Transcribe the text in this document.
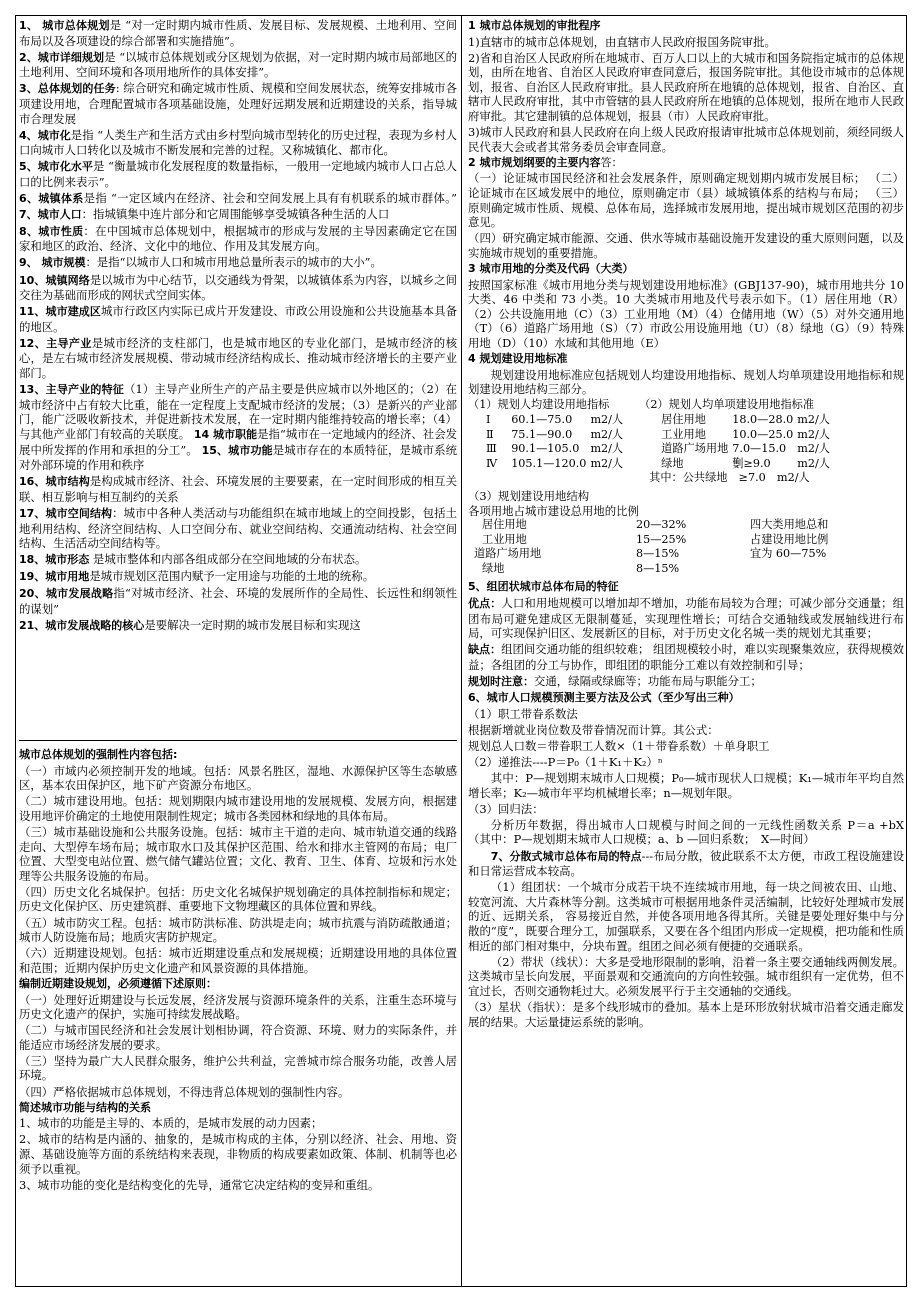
1、 城市总体规划是 “对一定时期内城市性质、发展目标、发展规模、土地利用、空间布局以及各项建设的综合部署和实施措施”。

2、城市详细规划是 “以城市总体规划或分区规划为依据，对一定时期内城市局部地区的土地利用、空间环境和各项用地所作的具体安排”。

3、总体规划的任务: 综合研究和确定城市性质、规模和空间发展状态，统筹安排城市各项建设用地，合理配置城市各项基础设施，处理好远期发展和近期建设的关系，指导城市合理发展

4、城市化是指 “人类生产和生活方式由乡村型向城市型转化的历史过程，表现为乡村人口向城市人口转化以及城市不断发展和完善的过程。又称城镇化、都市化。

5、城市化水平是 “衡量城市化发展程度的数量指标，一般用一定地域内城市人口占总人口的比例来表示”。

6、城镇体系是指 “一定区域内在经济、社会和空间发展上具有有机联系的城市群体。” 7、城市人口：指城镇集中连片部分和它周围能够享受城镇各种生活的人口

8、城市性质：在中国城市总体规划中，根据城市的形成与发展的主导因素确定它在国家和地区的政治、经济、文化中的地位、作用及其发展方向。

9、 城市规模：是指“以城市人口和城市用地总量所表示的城市的大小”。

10、城镇网络是以城市为中心结节，以交通线为骨架，以城镇体系为内容，以城乡之间交往为基础而形成的网状式空间实体。

11、城市建成区城市行政区内实际已成片开发建设、市政公用设施和公共设施基本具备的地区。

12、主导产业是城市经济的支柱部门，也是城市地区的专业化部门，是城市经济的核心，是左右城市经济发展规模、带动城市经济结构成长、推动城市经济增长的主要产业部门。

13、主导产业的特征（1）主导产业所生产的产品主要是供应城市以外地区的；（2）在城市经济中占有较大比重，能在一定程度上支配城市经济的发展；（3）是新兴的产业部门，能广泛吸收新技术，并促进新技术发展，在一定时期内能维持较高的增长率；（4）与其他产业部门有较高的关联度。 14 城市职能是指“城市在一定地域内的经济、社会发展中所发挥的作用和承担的分工”。 15、城市功能是城市存在的本质特征，是城市系统对外部环境的作用和秩序

16、城市结构是构成城市经济、社会、环境发展的主要要素，在一定时间形成的相互关联、相互影响与相互制约的关系

17、城市空间结构：城市中各种人类活动与功能组织在城市地域上的空间投影，包括土地利用结构、经济空间结构、人口空间分布、就业空间结构、交通流动结构、社会空间结构、生活活动空间结构等。

18、城市形态 是城市整体和内部各组成部分在空间地域的分布状态。

19、城市用地是城市规划区范围内赋予一定用途与功能的土地的统称。

20、城市发展战略指“对城市经济、社会、环境的发展所作的全局性、长远性和纲领性的谋划”

21、城市发展战略的核心是要解决一定时期的城市发展目标和实现这

城市总体规划的强制性内容包括:

（一）市域内必须控制开发的地域。包括：风景名胜区，湿地、水源保护区等生态敏感区，基本农田保护区，地下矿产资源分布地区。

（二）城市建设用地。包括：规划期限内城市建设用地的发展规模、发展方向，根据建设用地评价确定的土地使用限制性规定；城市各类园林和绿地的具体布局。

（三）城市基础设施和公共服务设施。包括：城市主干道的走向、城市轨道交通的线路走向、大型停车场布局；城市取水口及其保护区范围、给水和排水主管网的布局；电厂位置、大型变电站位置、燃气储气罐站位置；文化、教育、卫生、体育、垃圾和污水处理等公共服务设施的布局。

（四）历史文化名城保护。包括：历史文化名城保护规划确定的具体控制指标和规定；历史文化保护区、历史建筑群、重要地下文物埋藏区的具体位置和界线。

（五）城市防灾工程。包括：城市防洪标准、防洪堤走向；城市抗震与消防疏散通道；城市人防设施布局；地质灾害防护规定。

（六）近期建设规划。包括：城市近期建设重点和发展规模；近期建设用地的具体位置和范围；近期内保护历史文化遗产和风景资源的具体措施。

编制近期建设规划，必须遵循下述原则：

（一）处理好近期建设与长远发展，经济发展与资源环境条件的关系，注重生态环境与历史文化遗产的保护，实施可持续发展战略。

（二）与城市国民经济和社会发展计划相协调，符合资源、环境、财力的实际条件，并能适应市场经济发展的要求。

（三）坚持为最广大人民群众服务，维护公共利益，完善城市综合服务功能，改善人居环境。

（四）严格依据城市总体规划，不得违背总体规划的强制性内容。

简述城市功能与结构的关系

1、城市的功能是主导的、本质的，是城市发展的动力因素；

2、城市的结构是内涵的、抽象的，是城市构成的主体，分别以经济、社会、用地、资源、基础设施等方面的系统结构来表现，非物质的构成要素如政策、体制、机制等也必须予以重视。

3、城市功能的变化是结构变化的先导，通常它决定结构的变异和重组。

1 城市总体规划的审批程序

1)直辖市的城市总体规划，由直辖市人民政府报国务院审批。

2)省和自治区人民政府所在地城市、百万人口以上的大城市和国务院指定城市的总体规划，由所在地省、自治区人民政府审查同意后，报国务院审批。其他设市城市的总体规划，报省、自治区人民政府审批。县人民政府所在地镇的总体规划，报省、自治区、直辖市人民政府审批，其中市管辖的县人民政府所在地镇的总体规划，报所在地市人民政府审批。其它建制镇的总体规划，报县（市）人民政府审批。

3)城市人民政府和县人民政府在向上级人民政府报请审批城市总体规划前，须经同级人民代表大会或者其常务委员会审查同意。

2 城市规划纲要的主要内容答：

（一）论证城市国民经济和社会发展条件，原则确定规划期内城市发展目标； （二）论证城市在区域发展中的地位，原则确定市（县）域城镇体系的结构与布局； （三）原则确定城市性质、规模、总体布局，选择城市发展用地，提出城市规划区范围的初步意见。

（四）研究确定城市能源、交通、供水等城市基础设施开发建设的重大原则问题，以及实施城市规划的重要措施。

3 城市用地的分类及代码（大类）

按照国家标准《城市用地分类与规划建设用地标准》(GBJ137-90)，城市用地共分 10 大类、46 中类和 73 小类。10 大类城市用地及代号表示如下。（1）居住用地（R）（2）公共设施用地（C）（3）工业用地（M）（4）仓储用地（W）（5）对外交通用地（T）（6）道路广场用地（S）（7）市政公用设施用地（U）（8）绿地（G）（9）特殊用地（D）（10）水域和其他用地（E）

4 规划建设用地标准

规划建设用地标准应包括规划人均建设用地指标、规划人均单项建设用地指标和规划建设用地结构三部分。

（1）规划人均建设用地指标			（2）规划人均单项建设用地指标准		
Ⅰ	60.1—75.0	m2/人	居住用地	18.0—28.0	m2/人
Ⅱ	75.1—90.0	m2/人	工业用地	10.0—25.0	m2/人
Ⅲ	90.1—105.0	m2/人	道路广场用地	7.0—15.0	m2/人
Ⅳ	105.1—120.0	m2/人	绿地	劐≥9.0	m2/人
			其中：公共绿地　≥7.0　m2/人		
（3）规划建设用地结构
各项用地占城市建设总用地的比例
居住用地	20—32%	四大类用地总和
工业用地	15—25%	占建设用地比例
道路广场用地	8—15%	宜为 60—75%
绿地	8—15%	
5、组团状城市总体布局的特征

优点：人口和用地规模可以增加却不增加，功能布局较为合理；可减少部分交通量；组团布局可避免建成区无限制蔓延，实现理性增长；可结合交通轴线或发展轴线进行布局，可实现保护旧区、发展新区的目标，对于历史文化名城一类的规划尤其重要；

缺点：组团间交通功能的组织较难； 组团规模较小时，难以实现聚集效应，获得规模效益；各组团的分工与协作，即组团的职能分工难以有效控制和引导；

规划时注意：交通，绿隔或绿廊等；功能布局与职能分工；

6、城市人口规模预测主要方法及公式（至少写出三种）

（1）职工带眷系数法

根据新增就业岗位数及带眷情况而计算。其公式：

规划总人口数＝带眷职工人数×（1＋带眷系数）＋单身职工

（2）递推法----P＝P₀（1＋K₁＋K₂）ⁿ

其中：P—规划期末城市人口规模；P₀—城市现状人口规模；K₁—城市年平均自然增长率；K₂—城市年平均机械增长率；n—规划年限。

（3）回归法：

分析历年数据，得出城市人口规模与时间之间的一元线性函数关系 P＝a +bX　（其中：P—规划期末城市人口规模；a、b —回归系数；　X—时间）

7、分散式城市总体布局的特点---布局分散，彼此联系不太方便，市政工程设施建设和日常运营成本较高。

（1）组团状：一个城市分成若干块不连续城市用地，每一块之间被农田、山地、较宽河流、大片森林等分割。这类城市可根据用地条件灵活编制，比较好处理城市发展的近、远期关系， 容易接近自然，并使各项用地各得其所。关键是要处理好集中与分散的“度”，既要合理分工，加强联系，又要在各个组团内形成一定规模，把功能和性质相近的部门相对集中，分块布置。组团之间必须有便捷的交通联系。

（2）带状（线状）：大多是受地形限制的影响，沿着一条主要交通轴线两侧发展。这类城市呈长向发展，平面景观和交通流向的方向性较强。城市组织有一定优势，但不宜过长，否则交通物耗过大。必须发展平行于主交通轴的交通线。

（3）星状（指状）：是多个线形城市的叠加。基本上是环形放射状城市沿着交通走廊发展的结果。大运量捷运系统的影响。
